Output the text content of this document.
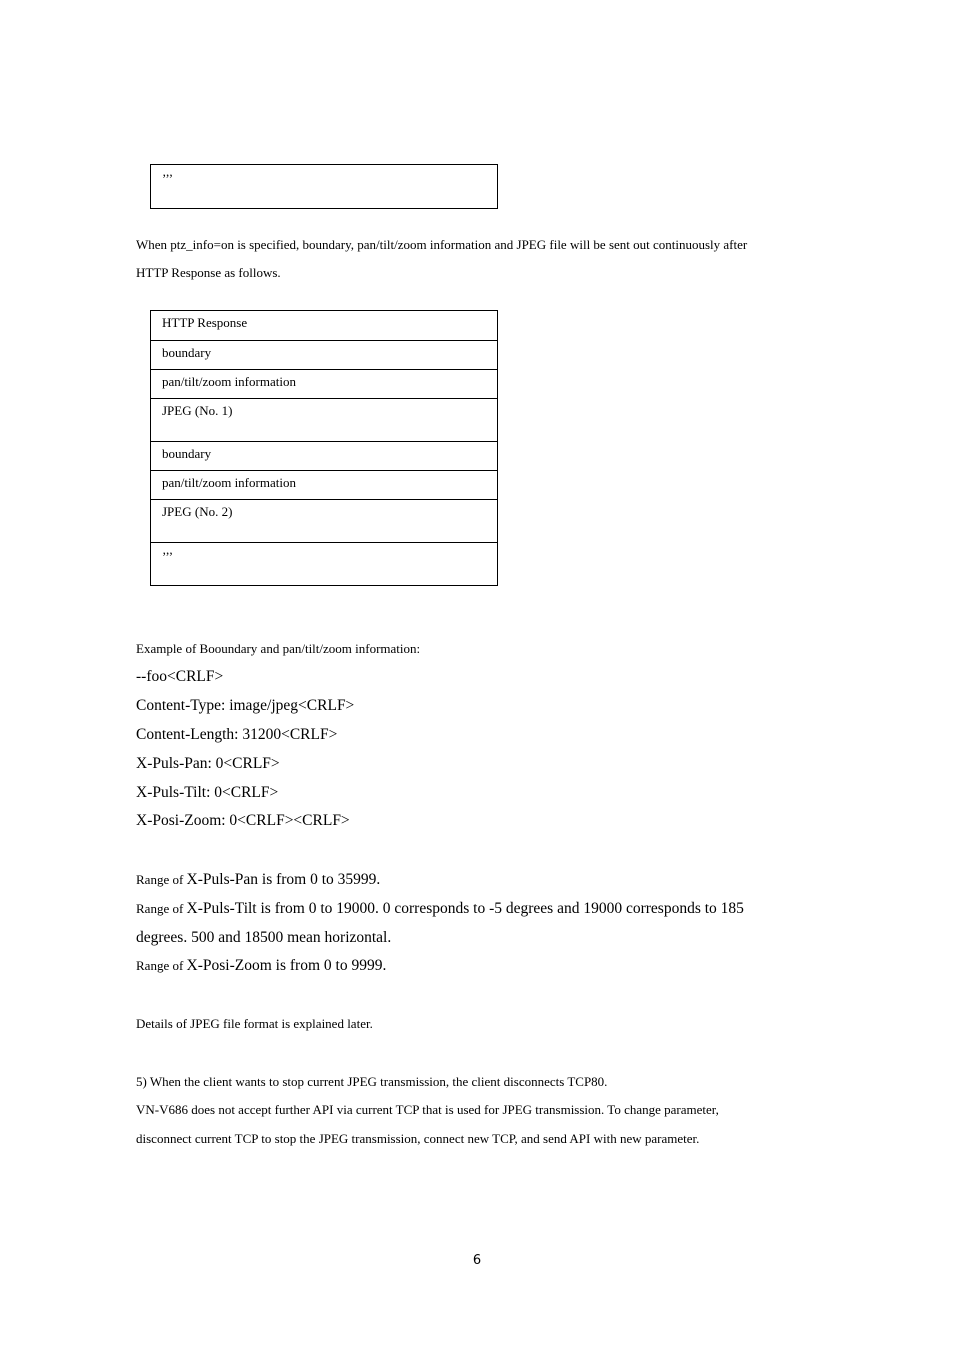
’’’
When ptz_info=on is specified, boundary, pan/tilt/zoom information and JPEG file will be sent out continuously after
HTTP Response as follows.
HTTP Response
boundary
pan/tilt/zoom information
JPEG (No. 1)
boundary
pan/tilt/zoom information
JPEG (No. 2)
’’’
Example of Booundary and pan/tilt/zoom information:
--foo<CRLF>
Content-Type: image/jpeg<CRLF>
Content-Length: 31200<CRLF>
X-Puls-Pan: 0<CRLF>
X-Puls-Tilt: 0<CRLF>
X-Posi-Zoom: 0<CRLF><CRLF>
Range of X-Puls-Pan is from 0 to 35999.
Range of X-Puls-Tilt is from 0 to 19000. 0 corresponds to -5 degrees and 19000 corresponds to 185
degrees. 500 and 18500 mean horizontal.
Range of X-Posi-Zoom is from 0 to 9999.
Details of JPEG file format is explained later.
5) When the client wants to stop current JPEG transmission, the client disconnects TCP80.
VN-V686 does not accept further API via current TCP that is used for JPEG transmission. To change parameter,
disconnect current TCP to stop the JPEG transmission, connect new TCP, and send API with new parameter.
6
